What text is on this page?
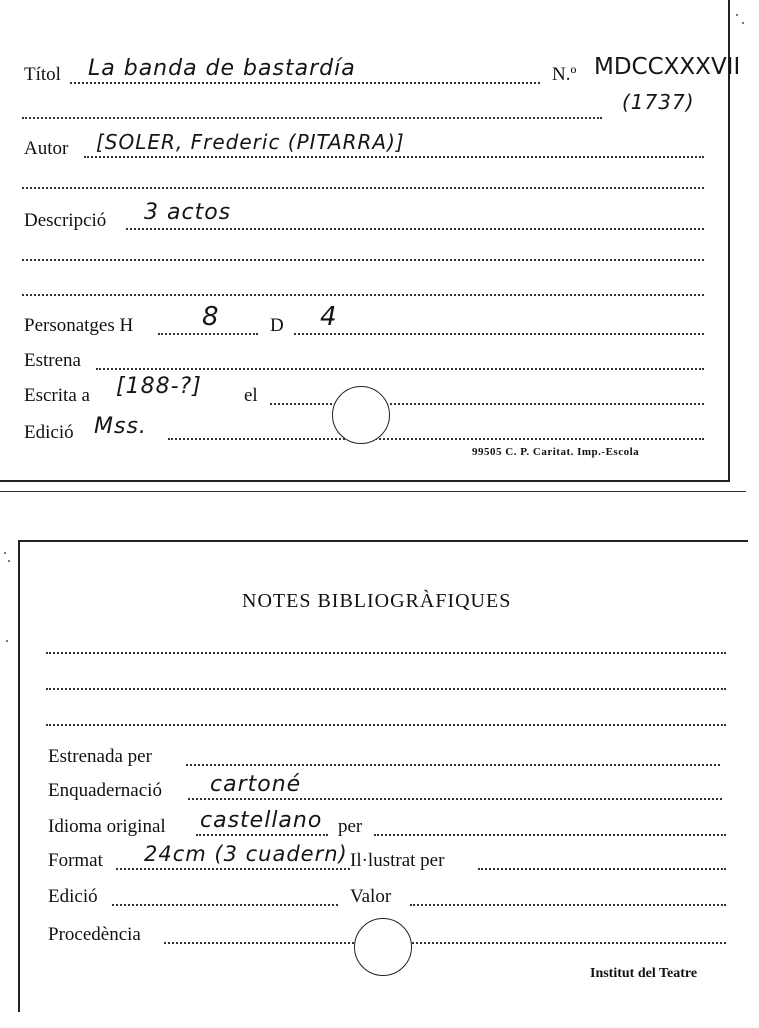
Títol La banda de bastardía	N.º MDCCXXXVII
(1737)
Autor [SOLER, Frederic (PITARRA)]
Descripció 3 actos
Personatges H	8	D 4
Estrena
Escrita a [188-?] el
Edició Mss.
99505 C. P. Caritat. Imp.-Escola
NOTES BIBLIOGRÀFIQUES
Estrenada per
Enquadernació cartoné
Idioma original castellano per
Format 24cm (3 cuadern) Il·lustrat per
Edició	Valor
Procedència
Institut del Teatre
